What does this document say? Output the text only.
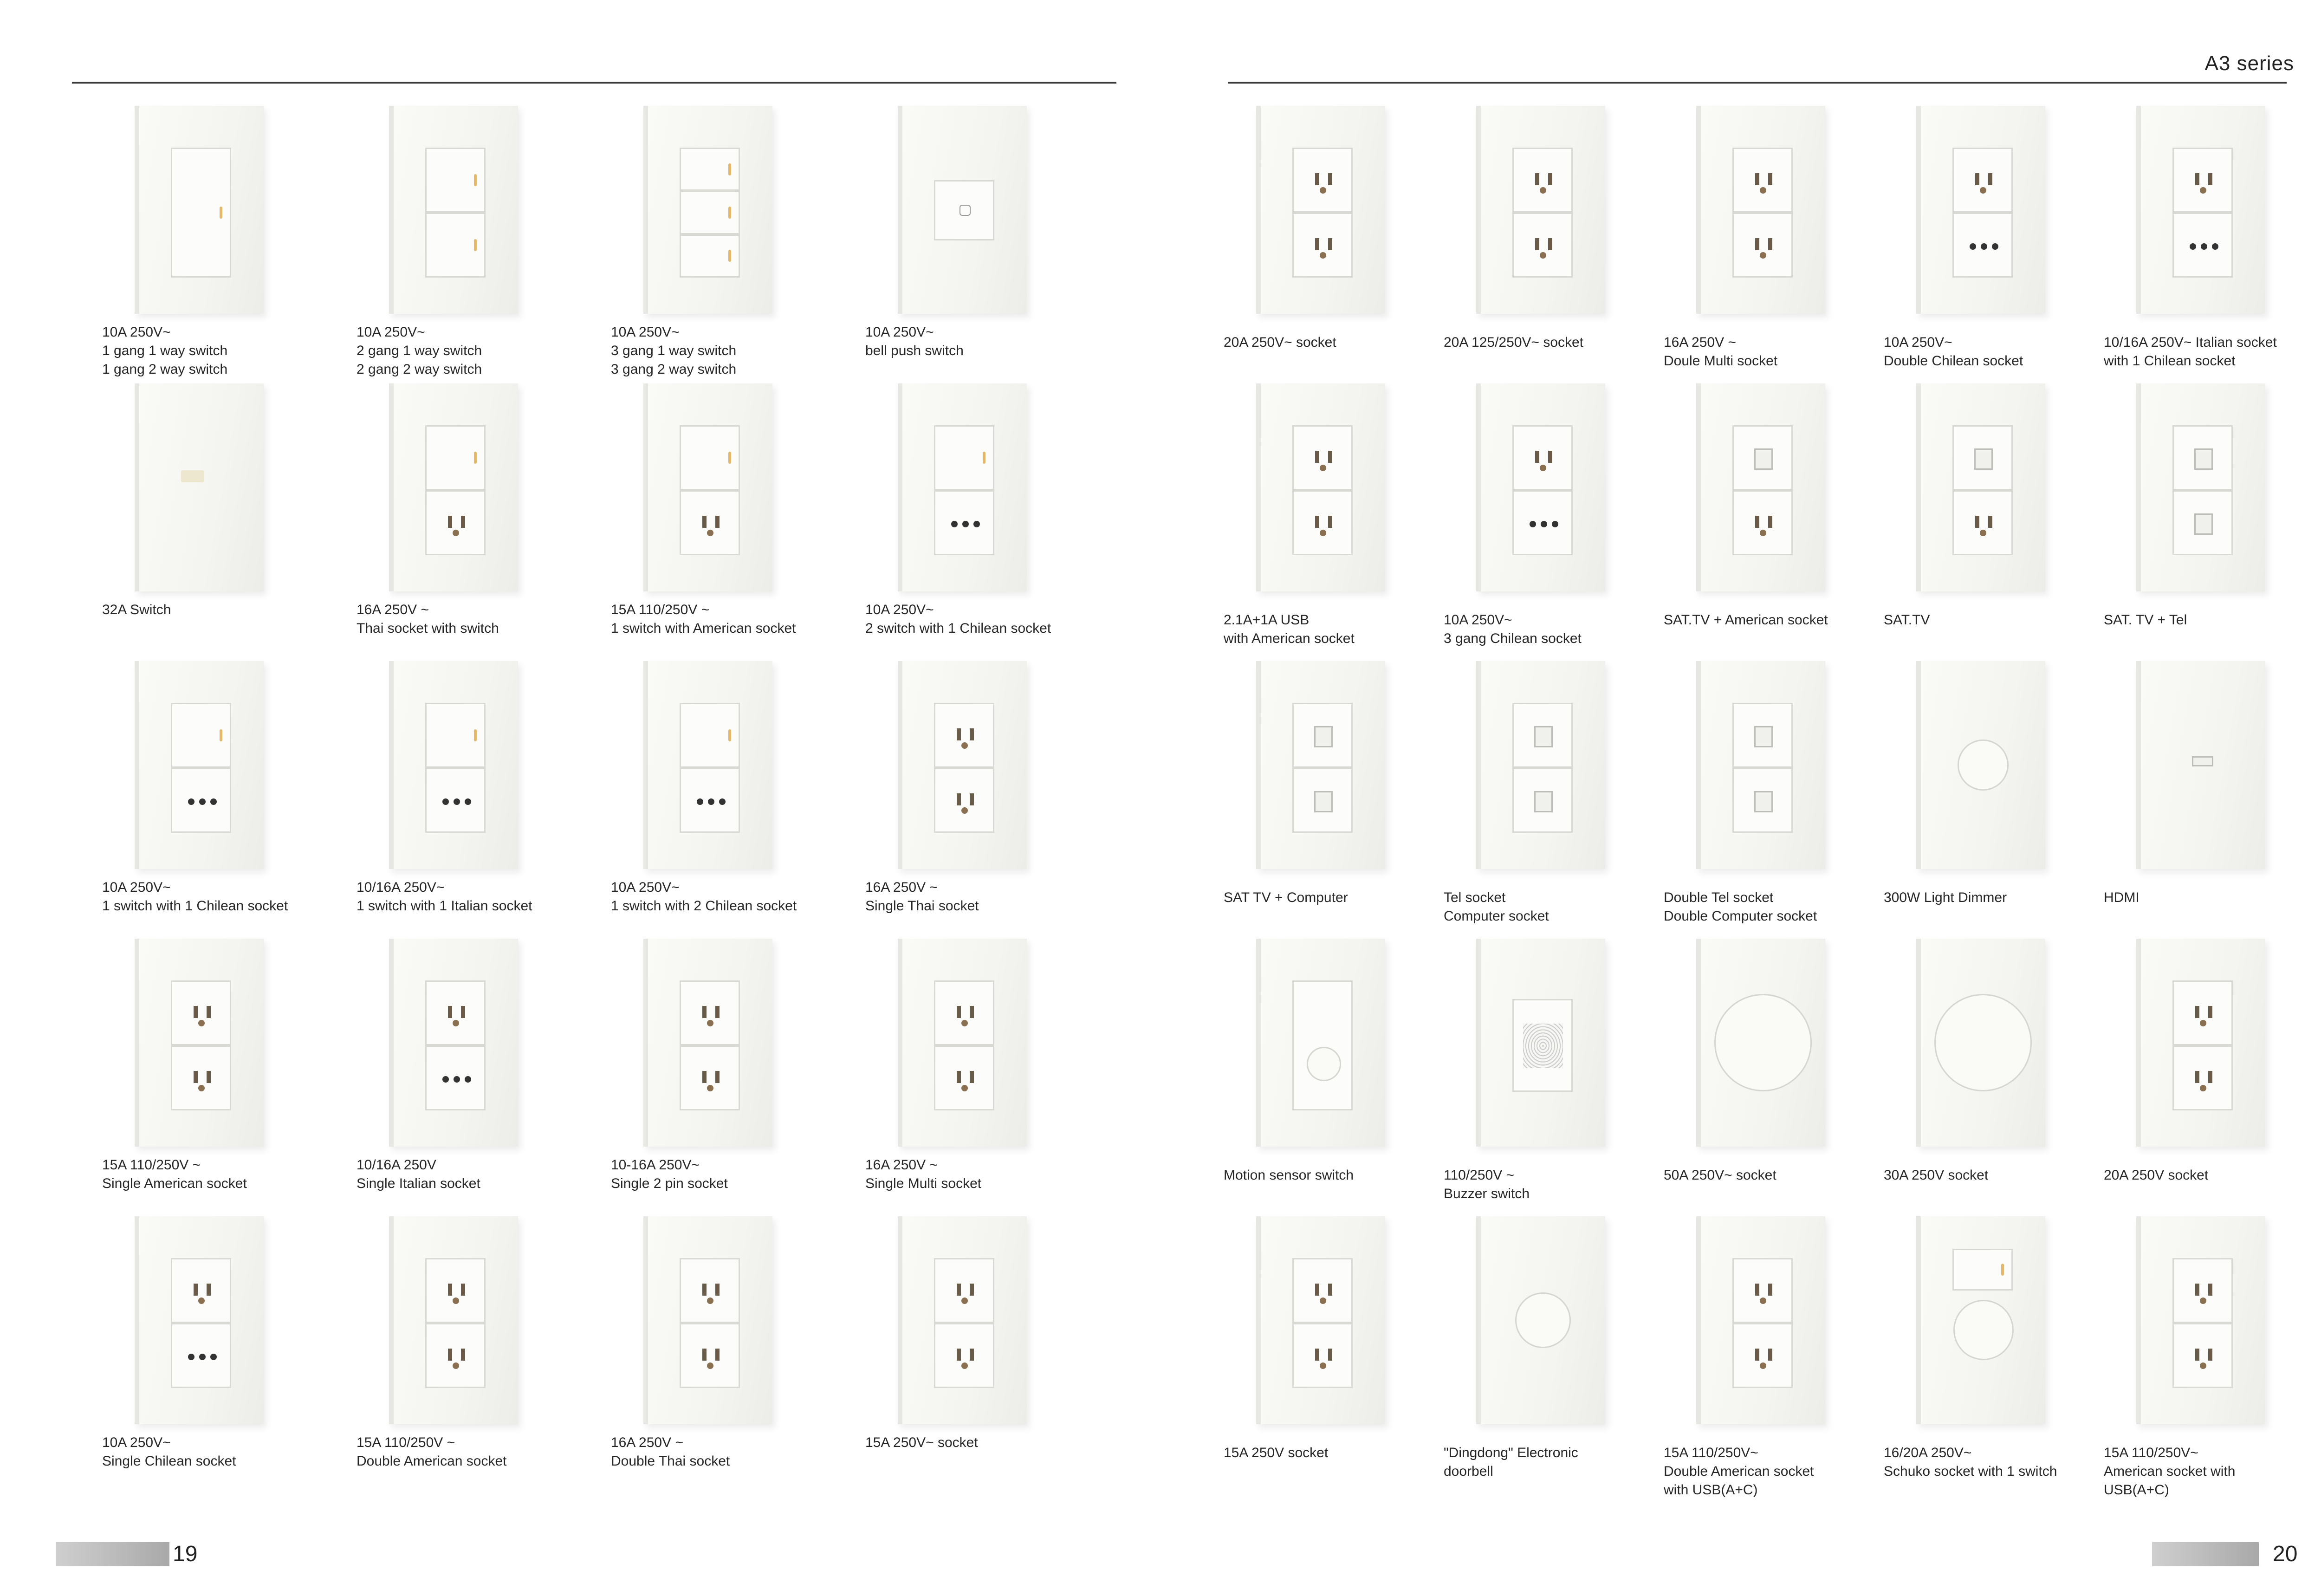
19
10A 250V~
1 gang 1 way switch
1 gang 2 way switch
10A 250V~
2 gang 1 way switch
2 gang 2 way switch
10A 250V~
3 gang 1 way switch
3 gang 2 way switch
10A 250V~
bell push switch
32A Switch	16A 250V ~
Thai socket with switch
15A 110/250V ~
1 switch with American socket
10A 250V~
2 switch with 1 Chilean socket
10A 250V~
1 switch with 1 Chilean socket
10/16A 250V~
1 switch with 1 Italian socket
10A 250V~
1 switch with 2 Chilean socket
16A 250V ~
Single Thai socket
15A 110/250V ~
Single American socket
10/16A 250V
Single Italian socket
10-16A 250V~
Single 2 pin socket
16A 250V ~
Single Multi socket
10A 250V~
Single Chilean socket
15A 110/250V ~
Double American socket
16A 250V ~
Double Thai socket
15A 250V~ socket
A3 series
20
20A 250V~ socket	20A 125/250V~ socket	16A 250V ~
Doule Multi socket
10A 250V~
Double Chilean socket
10/16A 250V~ Italian socket
with 1 Chilean socket
2.1A+1A USB
with American socket
10A 250V~
3 gang Chilean socket
SAT.TV + American socket	SAT.TV	SAT. TV + Tel
SAT TV + Computer	Tel socket
Computer socket
Double Tel socket
Double Computer socket
300W Light Dimmer	HDMI
Motion sensor switch	110/250V ~
Buzzer switch
50A 250V~ socket	30A 250V socket	20A 250V socket
15A 250V socket	"Dingdong" Electronic
doorbell
15A 110/250V~
Double American socket
with USB(A+C)
16/20A 250V~
Schuko socket with 1 switch
15A 110/250V~
American socket with
USB(A+C)
